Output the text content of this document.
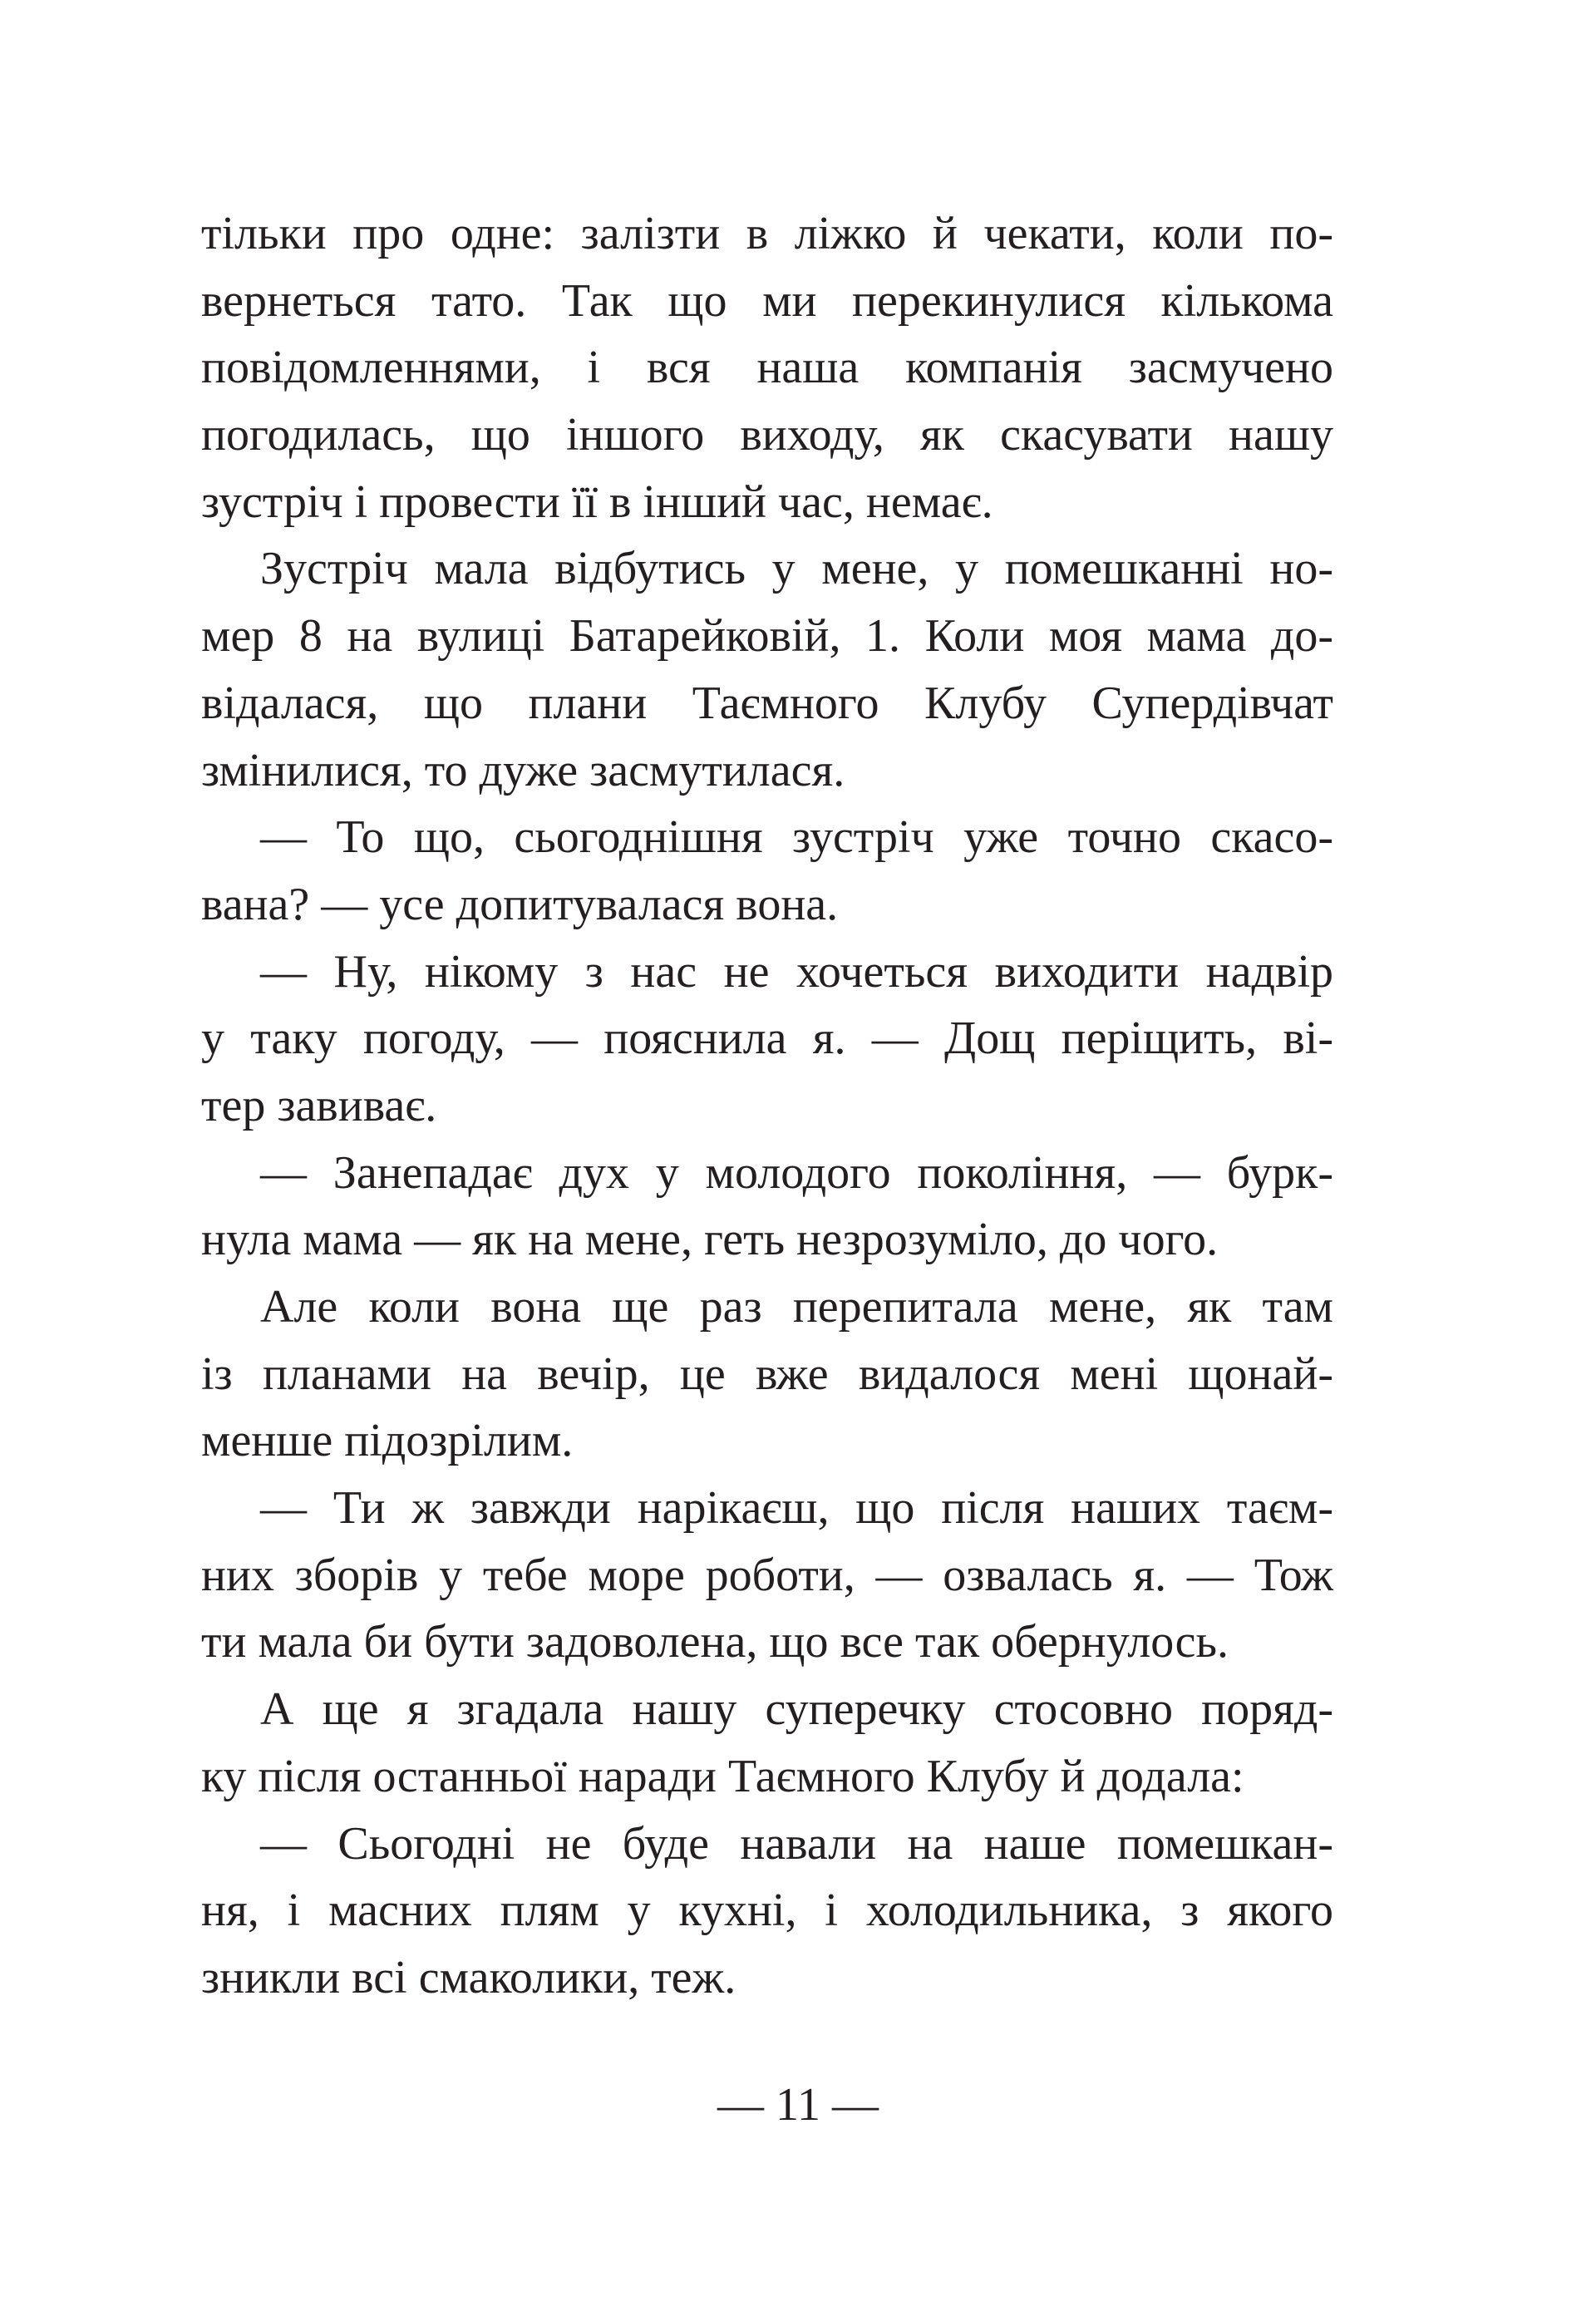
тільки про одне: залізти в ліжко й чекати, коли по-
вернеться тато. Так що ми перекинулися кількома
повідомленнями, і вся наша компанія засмучено
погодилась, що іншого виходу, як скасувати нашу
зустріч і провести її в інший час, немає.
Зустріч мала відбутись у мене, у помешканні но-
мер 8 на вулиці Батарейковій, 1. Коли моя мама до-
відалася, що плани Таємного Клубу Супердівчат
змінилися, то дуже засмутилася.
— То що, сьогоднішня зустріч уже точно скасо-
вана? — усе допитувалася вона.
— Ну, нікому з нас не хочеться виходити надвір
у таку погоду, — пояснила я. — Дощ періщить, ві-
тер завиває.
— Занепадає дух у молодого покоління, — бурк-
нула мама — як на мене, геть незрозуміло, до чого.
Але коли вона ще раз перепитала мене, як там
із планами на вечір, це вже видалося мені щонай-
менше підозрілим.
— Ти ж завжди нарікаєш, що після наших таєм-
них зборів у тебе море роботи, — озвалась я. — Тож
ти мала би бути задоволена, що все так обернулось.
А ще я згадала нашу суперечку стосовно поряд-
ку після останньої наради Таємного Клубу й додала:
— Сьогодні не буде навали на наше помешкан-
ня, і масних плям у кухні, і холодильника, з якого
зникли всі смаколики, теж.
— 11 —
